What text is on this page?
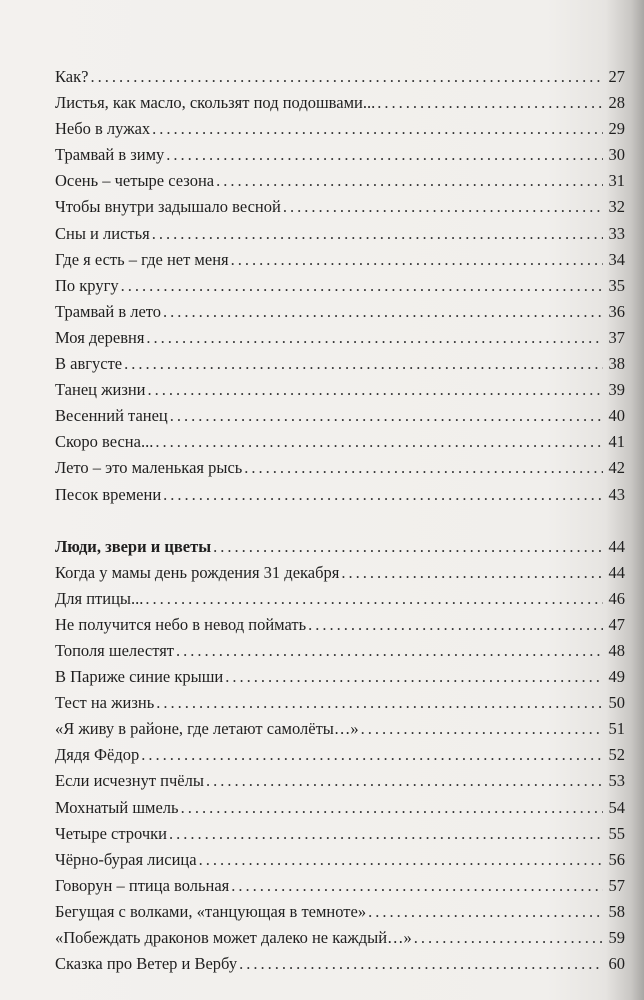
Как? .....	27
Листья, как масло, скользят под подошвами... .....	28
Небо в лужах .....	29
Трамвай в зиму .....	30
Осень – четыре сезона .....	31
Чтобы внутри задышало весной .....	32
Сны и листья .....	33
Где я есть – где нет меня .....	34
По кругу .....	35
Трамвай в лето .....	36
Моя деревня .....	37
В августе .....	38
Танец жизни .....	39
Весенний танец .....	40
Скоро весна... .....	41
Лето – это маленькая рысь .....	42
Песок времени .....	43
Люди, звери и цветы .....	44
Когда у мамы день рождения 31 декабря .....	44
Для птицы... .....	46
Не получится небо в невод поймать .....	47
Тополя шелестят .....	48
В Париже синие крыши .....	49
Тест на жизнь .....	50
«Я живу в районе, где летают самолёты…» .....	51
Дядя Фёдор .....	52
Если исчезнут пчёлы .....	53
Мохнатый шмель .....	54
Четыре строчки .....	55
Чёрно-бурая лисица .....	56
Говорун – птица вольная .....	57
Бегущая с волками, «танцующая в темноте» .....	58
«Побеждать драконов может далеко не каждый…» .....	59
Сказка про Ветер и Вербу .....	60
